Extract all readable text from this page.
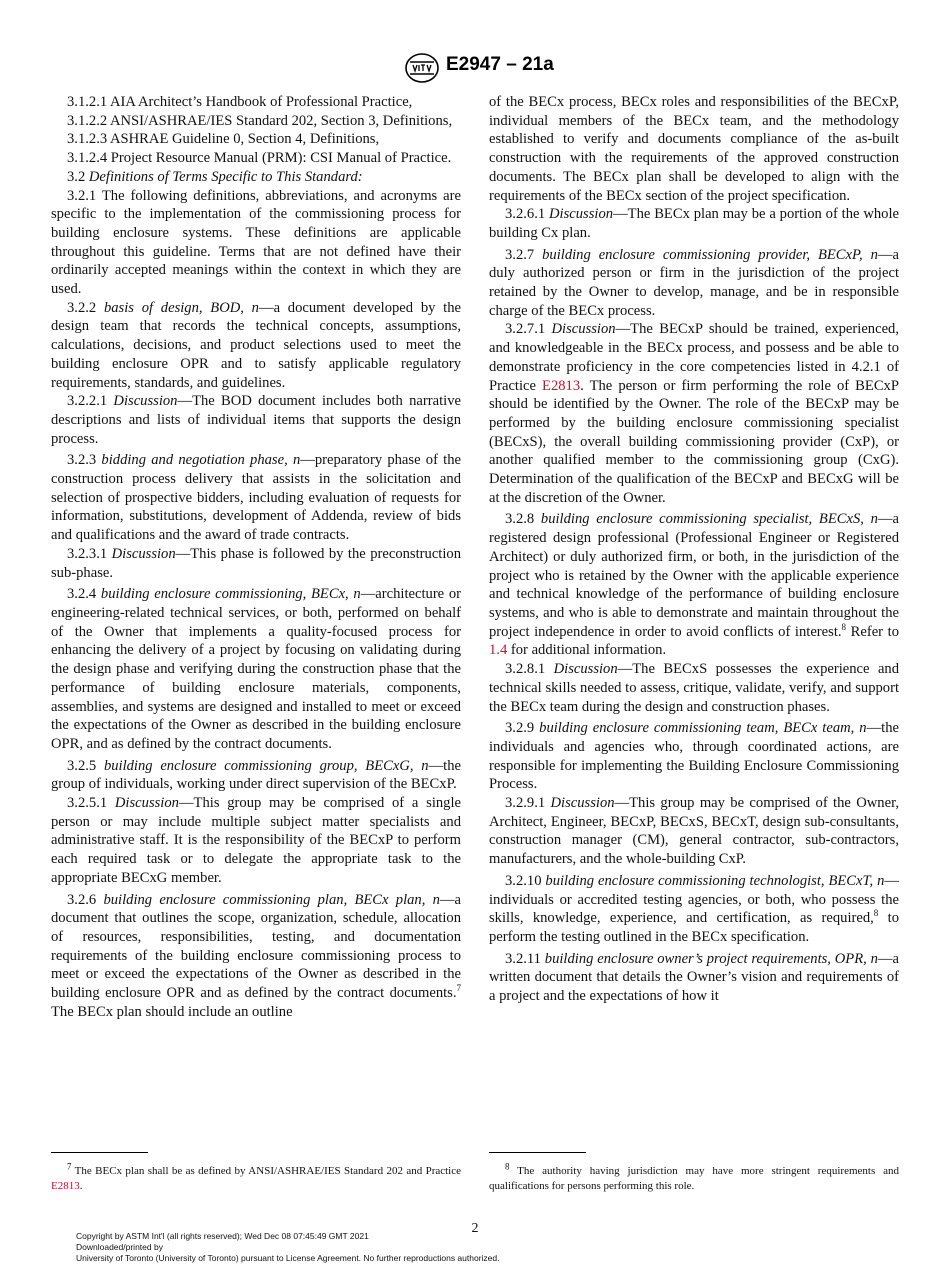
E2947 – 21a

3.1.2.1 AIA Architect’s Handbook of Professional Practice,

3.1.2.2 ANSI/ASHRAE/IES Standard 202, Section 3, Definitions,

3.1.2.3 ASHRAE Guideline 0, Section 4, Definitions,

3.1.2.4 Project Resource Manual (PRM): CSI Manual of Practice.

3.2 Definitions of Terms Specific to This Standard:

3.2.1 The following definitions, abbreviations, and acronyms are specific to the implementation of the commissioning process for building enclosure systems. These definitions are applicable throughout this guideline. Terms that are not defined have their ordinarily accepted meanings within the context in which they are used.

3.2.2 basis of design, BOD, n—a document developed by the design team that records the technical concepts, assumptions, calculations, decisions, and product selections used to meet the building enclosure OPR and to satisfy applicable regulatory requirements, standards, and guidelines.

3.2.2.1 Discussion—The BOD document includes both narrative descriptions and lists of individual items that supports the design process.

3.2.3 bidding and negotiation phase, n—preparatory phase of the construction process delivery that assists in the solicitation and selection of prospective bidders, including evaluation of requests for information, substitutions, development of Addenda, review of bids and qualifications and the award of trade contracts.

3.2.3.1 Discussion—This phase is followed by the preconstruction sub-phase.

3.2.4 building enclosure commissioning, BECx, n—architecture or engineering-related technical services, or both, performed on behalf of the Owner that implements a quality-focused process for enhancing the delivery of a project by focusing on validating during the design phase and verifying during the construction phase that the performance of building enclosure materials, components, assemblies, and systems are designed and installed to meet or exceed the expectations of the Owner as described in the building enclosure OPR, and as defined by the contract documents.

3.2.5 building enclosure commissioning group, BECxG, n—the group of individuals, working under direct supervision of the BECxP.

3.2.5.1 Discussion—This group may be comprised of a single person or may include multiple subject matter specialists and administrative staff. It is the responsibility of the BECxP to perform each required task or to delegate the appropriate task to the appropriate BECxG member.

3.2.6 building enclosure commissioning plan, BECx plan, n—a document that outlines the scope, organization, schedule, allocation of resources, responsibilities, testing, and documentation requirements of the building enclosure commissioning process to meet or exceed the expectations of the Owner as described in the building enclosure OPR and as defined by the contract documents.$^7$ The BECx plan should include an outline

of the BECx process, BECx roles and responsibilities of the BECxP, individual members of the BECx team, and the methodology established to verify and documents compliance of the as-built construction with the requirements of the approved construction documents. The BECx plan shall be developed to align with the requirements of the BECx section of the project specification.

3.2.6.1 Discussion—The BECx plan may be a portion of the whole building Cx plan.

3.2.7 building enclosure commissioning provider, BECxP, n—a duly authorized person or firm in the jurisdiction of the project retained by the Owner to develop, manage, and be in responsible charge of the BECx process.

3.2.7.1 Discussion—The BECxP should be trained, experienced, and knowledgeable in the BECx process, and possess and be able to demonstrate proficiency in the core competencies listed in 4.2.1 of Practice E2813. The person or firm performing the role of BECxP should be identified by the Owner. The role of the BECxP may be performed by the building enclosure commissioning specialist (BECxS), the overall building commissioning provider (CxP), or another qualified member to the commissioning group (CxG). Determination of the qualification of the BECxP and BECxG will be at the discretion of the Owner.

3.2.8 building enclosure commissioning specialist, BECxS, n—a registered design professional (Professional Engineer or Registered Architect) or duly authorized firm, or both, in the jurisdiction of the project who is retained by the Owner with the applicable experience and technical knowledge of the performance of building enclosure systems, and who is able to demonstrate and maintain throughout the project independence in order to avoid conflicts of interest.$^8$ Refer to 1.4 for additional information.

3.2.8.1 Discussion—The BECxS possesses the experience and technical skills needed to assess, critique, validate, verify, and support the BECx team during the design and construction phases.

3.2.9 building enclosure commissioning team, BECx team, n—the individuals and agencies who, through coordinated actions, are responsible for implementing the Building Enclosure Commissioning Process.

3.2.9.1 Discussion—This group may be comprised of the Owner, Architect, Engineer, BECxP, BECxS, BECxT, design sub-consultants, construction manager (CM), general contractor, sub-contractors, manufacturers, and the whole-building CxP.

3.2.10 building enclosure commissioning technologist, BECxT, n—individuals or accredited testing agencies, or both, who possess the skills, knowledge, experience, and certification, as required,$^8$ to perform the testing outlined in the BECx specification.

3.2.11 building enclosure owner’s project requirements, OPR, n—a written document that details the Owner’s vision and requirements of a project and the expectations of how it

$^7$ The BECx plan shall be as defined by ANSI/ASHRAE/IES Standard 202 and Practice E2813.

$^8$ The authority having jurisdiction may have more stringent requirements and qualifications for persons performing this role.

2
Copyright by ASTM Int'l (all rights reserved); Wed Dec 08 07:45:49 GMT 2021
Downloaded/printed by
University of Toronto (University of Toronto) pursuant to License Agreement. No further reproductions authorized.
